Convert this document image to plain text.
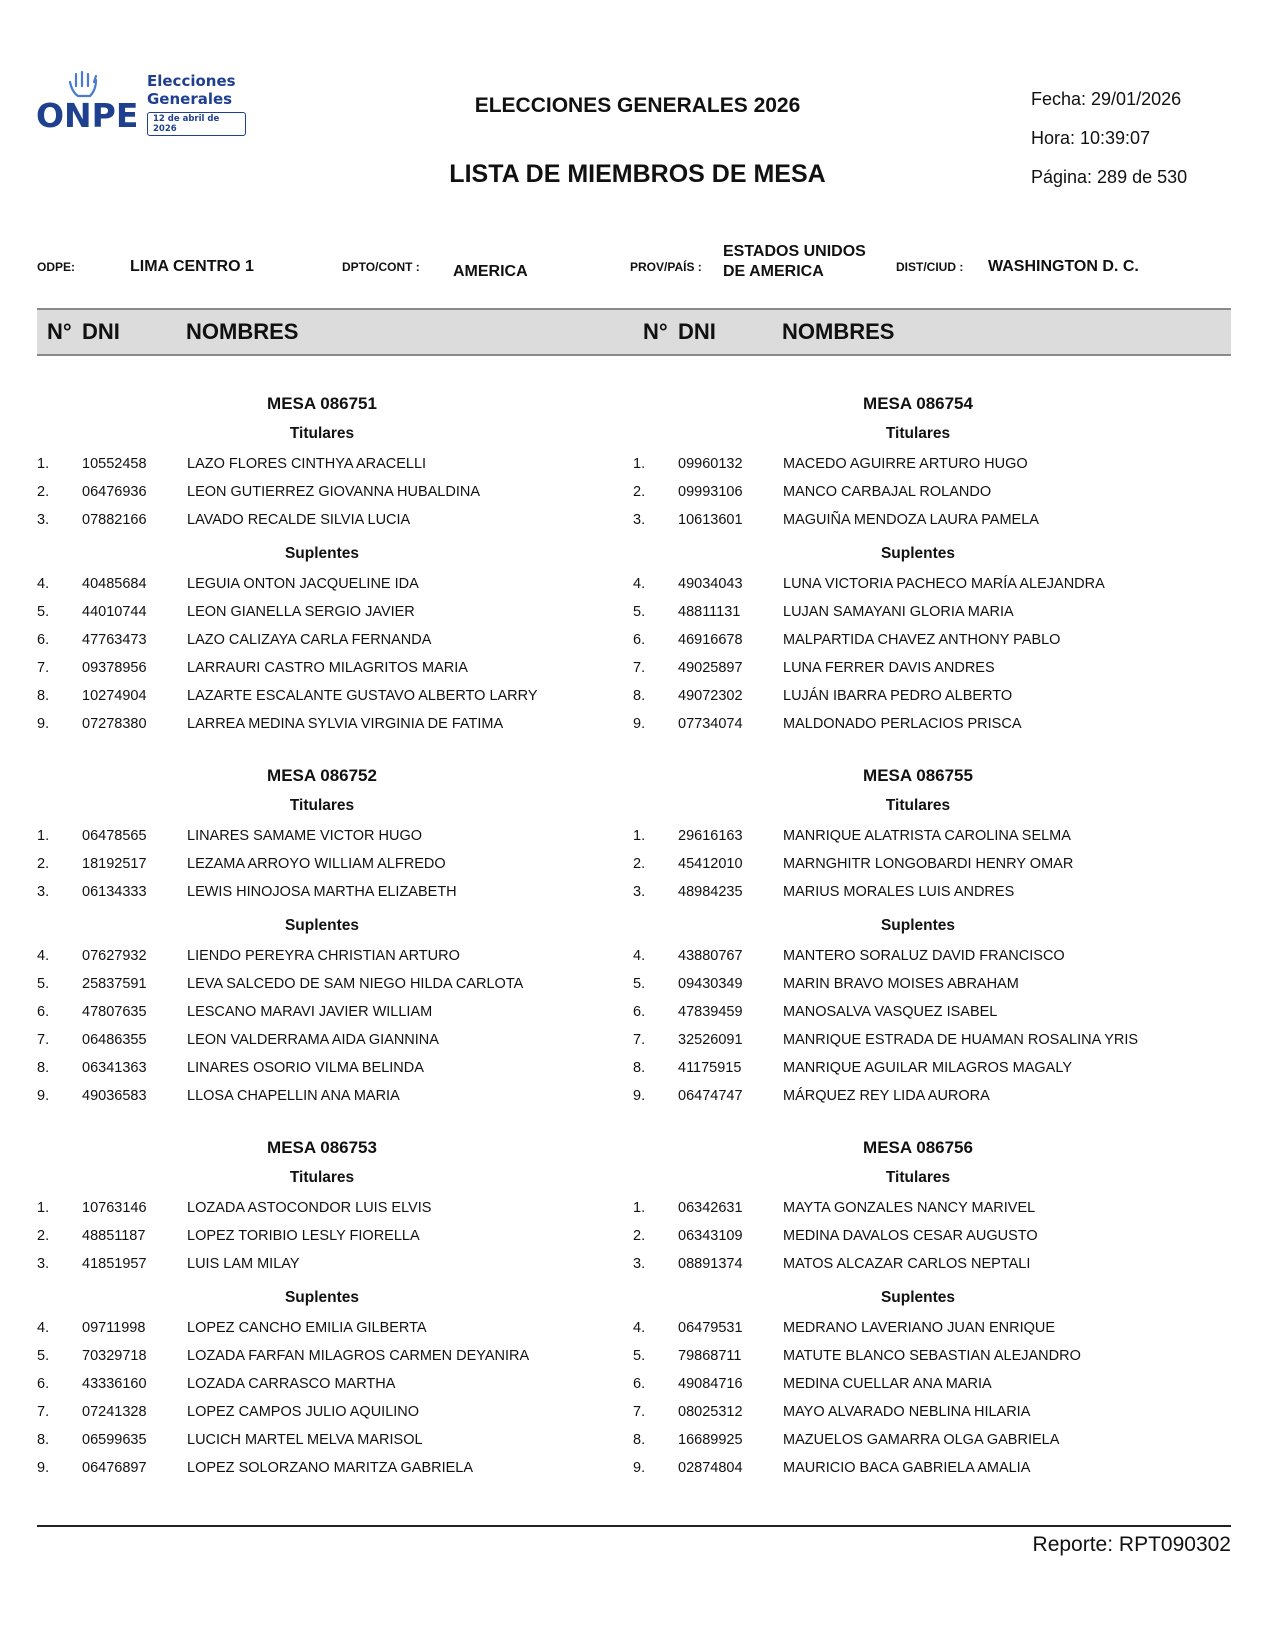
ONPE
Elecciones
Generales
12 de abril de 2026
ELECCIONES GENERALES 2026
LISTA DE MIEMBROS DE MESA
Fecha: 29/01/2026
Hora: 10:39:07
Página: 289 de 530
ODPE:	LIMA CENTRO 1	DPTO/CONT : AMERICA	PROV/PAÍS :
ESTADOS UNIDOS
DE AMERICA	DIST/CIUD : WASHINGTON D. C.
N° DNI	NOMBRES	N° DNI	NOMBRES
MESA 086751
Titulares
1. 10552458	LAZO FLORES CINTHYA ARACELLI
2. 06476936	LEON GUTIERREZ GIOVANNA HUBALDINA
3. 07882166	LAVADO RECALDE SILVIA LUCIA
Suplentes
4. 40485684	LEGUIA ONTON JACQUELINE IDA
5. 44010744	LEON GIANELLA SERGIO JAVIER
6. 47763473	LAZO CALIZAYA CARLA FERNANDA
7. 09378956	LARRAURI CASTRO MILAGRITOS MARIA
8. 10274904	LAZARTE ESCALANTE GUSTAVO ALBERTO LARRY
9. 07278380	LARREA MEDINA SYLVIA VIRGINIA DE FATIMA
MESA 086752
Titulares
1. 06478565	LINARES SAMAME VICTOR HUGO
2. 18192517	LEZAMA ARROYO WILLIAM ALFREDO
3. 06134333	LEWIS HINOJOSA MARTHA ELIZABETH
Suplentes
4. 07627932	LIENDO PEREYRA CHRISTIAN ARTURO
5. 25837591	LEVA SALCEDO DE SAM NIEGO HILDA CARLOTA
6. 47807635	LESCANO MARAVI JAVIER WILLIAM
7. 06486355	LEON VALDERRAMA AIDA GIANNINA
8. 06341363	LINARES OSORIO VILMA BELINDA
9. 49036583	LLOSA CHAPELLIN ANA MARIA
MESA 086753
Titulares
1. 10763146	LOZADA ASTOCONDOR LUIS ELVIS
2. 48851187	LOPEZ TORIBIO LESLY FIORELLA
3. 41851957	LUIS LAM MILAY
Suplentes
4. 09711998	LOPEZ CANCHO EMILIA GILBERTA
5. 70329718	LOZADA FARFAN MILAGROS CARMEN DEYANIRA
6. 43336160	LOZADA CARRASCO MARTHA
7. 07241328	LOPEZ CAMPOS JULIO AQUILINO
8. 06599635	LUCICH MARTEL MELVA MARISOL
9. 06476897	LOPEZ SOLORZANO MARITZA GABRIELA
MESA 086754
Titulares
1. 09960132	MACEDO AGUIRRE ARTURO HUGO
2. 09993106	MANCO CARBAJAL ROLANDO
3. 10613601	MAGUIÑA MENDOZA LAURA PAMELA
Suplentes
4. 49034043	LUNA VICTORIA PACHECO MARÍA ALEJANDRA
5. 48811131	LUJAN SAMAYANI GLORIA MARIA
6. 46916678	MALPARTIDA CHAVEZ ANTHONY PABLO
7. 49025897	LUNA FERRER DAVIS ANDRES
8. 49072302	LUJÁN IBARRA PEDRO ALBERTO
9. 07734074	MALDONADO PERLACIOS PRISCA
MESA 086755
Titulares
1. 29616163	MANRIQUE ALATRISTA CAROLINA SELMA
2. 45412010	MARNGHITR LONGOBARDI HENRY OMAR
3. 48984235	MARIUS MORALES LUIS ANDRES
Suplentes
4. 43880767	MANTERO SORALUZ DAVID FRANCISCO
5. 09430349	MARIN BRAVO MOISES ABRAHAM
6. 47839459	MANOSALVA VASQUEZ ISABEL
7. 32526091	MANRIQUE ESTRADA DE HUAMAN ROSALINA YRIS
8. 41175915	MANRIQUE AGUILAR MILAGROS MAGALY
9. 06474747	MÁRQUEZ REY LIDA AURORA
MESA 086756
Titulares
1. 06342631	MAYTA GONZALES NANCY MARIVEL
2. 06343109	MEDINA DAVALOS CESAR AUGUSTO
3. 08891374	MATOS ALCAZAR CARLOS NEPTALI
Suplentes
4. 06479531	MEDRANO LAVERIANO JUAN ENRIQUE
5. 79868711	MATUTE BLANCO SEBASTIAN ALEJANDRO
6. 49084716	MEDINA CUELLAR ANA MARIA
7. 08025312	MAYO ALVARADO NEBLINA HILARIA
8. 16689925	MAZUELOS GAMARRA OLGA GABRIELA
9. 02874804	MAURICIO BACA GABRIELA AMALIA
Reporte: RPT090302
